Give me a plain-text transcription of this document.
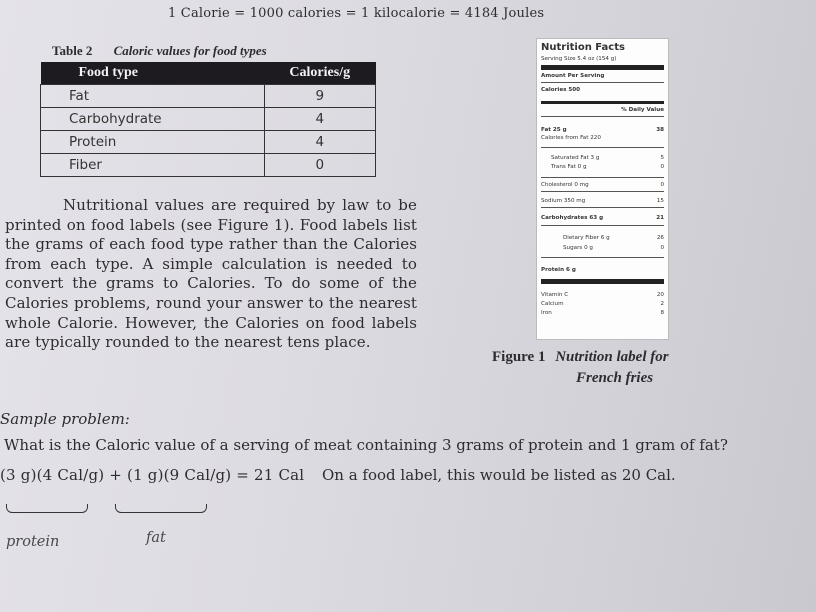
1 Calorie = 1000 calories = 1 kilocalorie = 4184 Joules
Table 2 Caloric values for food types
Food type	Calories/g
Fat	9
Carbohydrate	4
Protein	4
Fiber	0
Nutritional values are required by law to be printed on food labels (see Figure 1). Food labels list the grams of each food type rather than the Calories from each type. A simple calculation is needed to convert the grams to Calories. To do some of the Calories problems, round your answer to the nearest whole Calorie. However, the Calories on food labels are typically rounded to the nearest tens place.
Nutrition Facts
Serving Size 5.4 oz (154 g)
Amount Per Serving
Calories 500
% Daily Value
Fat 25 g	38
Calories from Fat 220
Saturated Fat 3 g	5
Trans Fat 0 g	0
Cholesterol 0 mg	0
Sodium 350 mg	15
Carbohydrates 63 g	21
Dietary Fiber 6 g	26
Sugars 0 g	0
Protein 6 g
Vitamin C	20
Calcium	2
Iron	8
Figure 1 Nutrition label for
French fries
Sample problem:
What is the Caloric value of a serving of meat containing 3 grams of protein and 1 gram of fat?
(3 g)(4 Cal/g) + (1 g)(9 Cal/g) = 21 Cal On a food label, this would be listed as 20 Cal.
protein	fat
